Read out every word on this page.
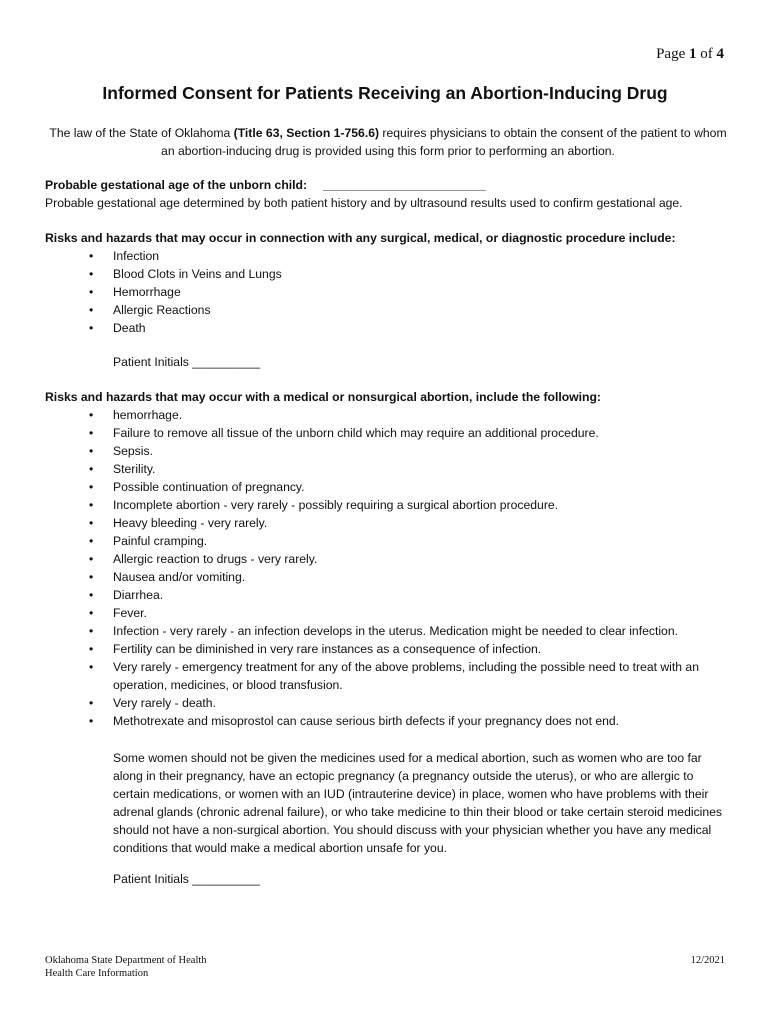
Page 1 of 4
Informed Consent for Patients Receiving an Abortion-Inducing Drug
The law of the State of Oklahoma (Title 63, Section 1-756.6) requires physicians to obtain the consent of the patient to whom an abortion-inducing drug is provided using this form prior to performing an abortion.
Probable gestational age of the unborn child: ________________________
Probable gestational age determined by both patient history and by ultrasound results used to confirm gestational age.
Risks and hazards that may occur in connection with any surgical, medical, or diagnostic procedure include:
• Infection
• Blood Clots in Veins and Lungs
• Hemorrhage
• Allergic Reactions
• Death
Patient Initials __________
Risks and hazards that may occur with a medical or nonsurgical abortion, include the following:
• hemorrhage.
• Failure to remove all tissue of the unborn child which may require an additional procedure.
• Sepsis.
• Sterility.
• Possible continuation of pregnancy.
• Incomplete abortion - very rarely - possibly requiring a surgical abortion procedure.
• Heavy bleeding - very rarely.
• Painful cramping.
• Allergic reaction to drugs - very rarely.
• Nausea and/or vomiting.
• Diarrhea.
• Fever.
• Infection - very rarely - an infection develops in the uterus. Medication might be needed to clear infection.
• Fertility can be diminished in very rare instances as a consequence of infection.
• Very rarely - emergency treatment for any of the above problems, including the possible need to treat with an operation, medicines, or blood transfusion.
• Very rarely - death.
• Methotrexate and misoprostol can cause serious birth defects if your pregnancy does not end.
Some women should not be given the medicines used for a medical abortion, such as women who are too far along in their pregnancy, have an ectopic pregnancy (a pregnancy outside the uterus), or who are allergic to certain medications, or women with an IUD (intrauterine device) in place, women who have problems with their adrenal glands (chronic adrenal failure), or who take medicine to thin their blood or take certain steroid medicines should not have a non-surgical abortion. You should discuss with your physician whether you have any medical conditions that would make a medical abortion unsafe for you.
Patient Initials __________
Oklahoma State Department of Health
Health Care Information
12/2021
